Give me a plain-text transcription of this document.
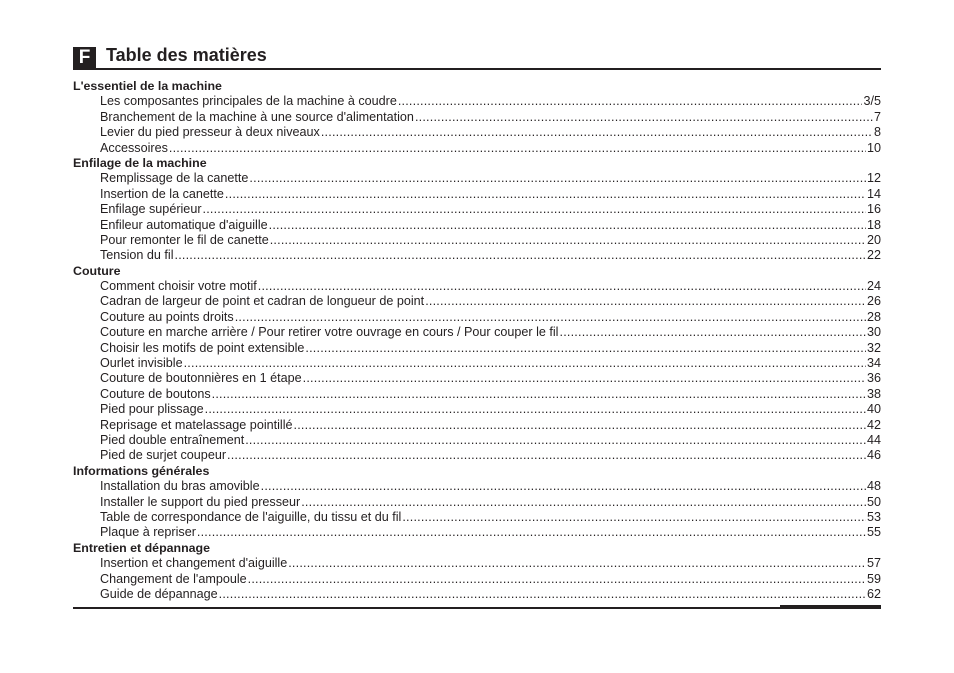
F Table des matières
L'essentiel de la machine
Les composantes principales de la machine à coudre .....	3/5
Branchement de la machine à une source d'alimentation .....	7
Levier du pied presseur à deux niveaux .....	8
Accessoires .....	10
Enfilage de la machine
Remplissage de la canette .....	12
Insertion de la canette .....	14
Enfilage supérieur .....	16
Enfileur automatique d'aiguille .....	18
Pour remonter le fil de canette .....	20
Tension du fil .....	22
Couture
Comment choisir votre motif .....	24
Cadran de largeur de point et cadran de longueur de point .....	26
Couture au points droits .....	28
Couture en marche arrière / Pour retirer votre ouvrage en cours / Pour couper le fil .....	30
Choisir les motifs de point extensible .....	32
Ourlet invisible .....	34
Couture de boutonnières en 1 étape .....	36
Couture de boutons .....	38
Pied pour plissage .....	40
Reprisage et matelassage pointillé .....	42
Pied double entraînement .....	44
Pied de surjet coupeur .....	46
Informations générales
Installation du bras amovible .....	48
Installer le support du pied presseur .....	50
Table de correspondance de l'aiguille, du tissu et du fil .....	53
Plaque à repriser .....	55
Entretien et dépannage
Insertion et changement d'aiguille .....	57
Changement de l'ampoule .....	59
Guide de dépannage .....	62
